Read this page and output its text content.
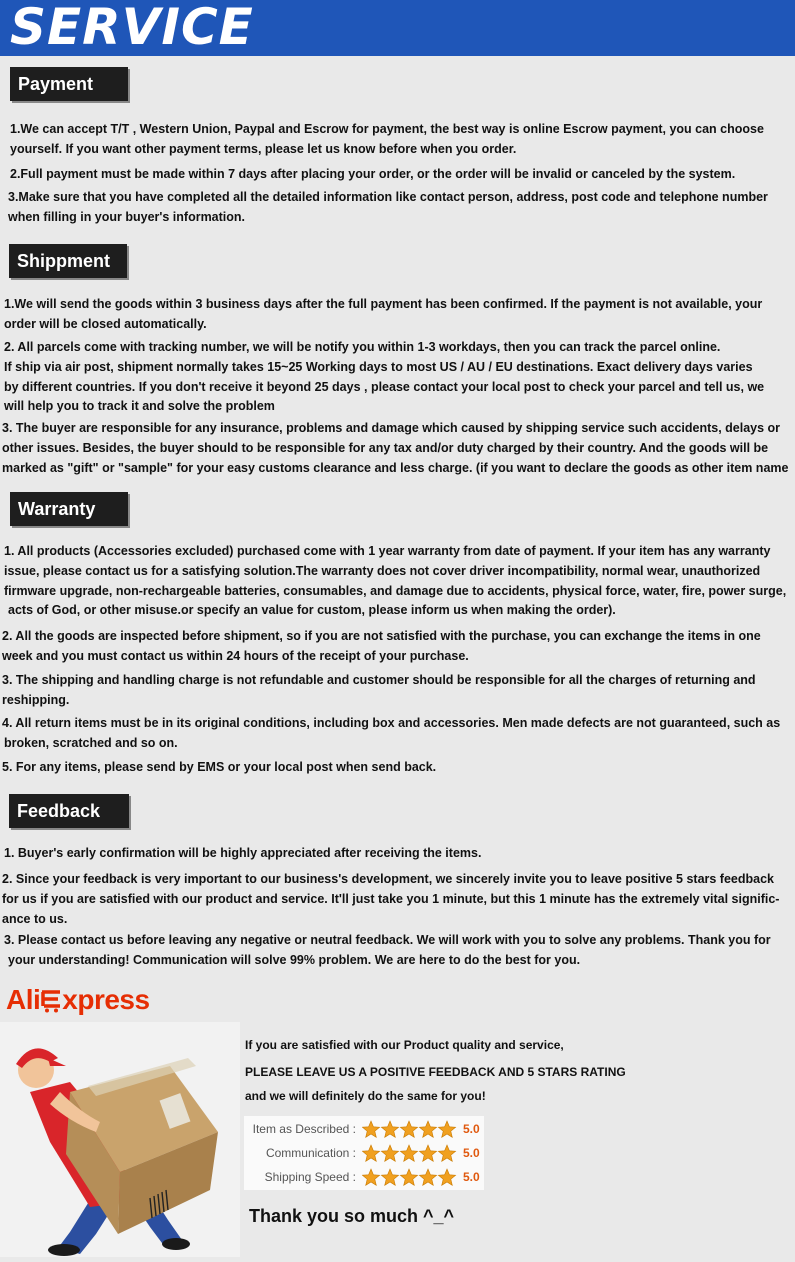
SERVICE
Payment
1.We can accept T/T , Western Union, Paypal and Escrow for payment, the best way is online Escrow payment, you can choose
yourself. If you want other payment terms, please let us know before when you order.
2.Full payment must be made within 7 days after placing your order, or the order will be invalid or canceled by the system.
3.Make sure that you have completed all the detailed information like contact person, address, post code and telephone number
when filling in your buyer's information.
Shippment
1.We will send the goods within 3 business days after the full payment has been confirmed. If the payment is not available, your
order will be closed automatically.
2. All parcels come with tracking number, we will be notify you within 1-3 workdays, then you can track the parcel online.
If ship via air post, shipment normally takes 15~25 Working days to most US / AU / EU destinations. Exact delivery days varies
by different countries. If you don't receive it beyond 25 days , please contact your local post to check your parcel and tell us, we
will help you to track it and solve the problem
3. The buyer are responsible for any insurance, problems and damage which caused by shipping service such accidents, delays or
other issues. Besides, the buyer should to be responsible for any tax and/or duty charged by their country. And the goods will be
marked as "gift" or "sample" for your easy customs clearance and less charge. (if you want to declare the goods as other item name
Warranty
1. All products (Accessories excluded) purchased come with 1 year warranty from date of payment. If your item has any warranty
issue, please contact us for a satisfying solution.The warranty does not cover driver incompatibility, normal wear, unauthorized
firmware upgrade, non-rechargeable batteries, consumables, and damage due to accidents, physical force, water, fire, power surge,
acts of God, or other misuse.or specify an value for custom, please inform us when making the order).
2. All the goods are inspected before shipment, so if you are not satisfied with the purchase, you can exchange the items in one
week and you must contact us within 24 hours of the receipt of your purchase.
3. The shipping and handling charge is not refundable and customer should be responsible for all the charges of returning and
reshipping.
4. All return items must be in its original conditions, including box and accessories. Men made defects are not guaranteed, such as
broken, scratched and so on.
5. For any items, please send by EMS or your local post when send back.
Feedback
1. Buyer's early confirmation will be highly appreciated after receiving the items.
2. Since your feedback is very important to our business's development, we sincerely invite you to leave positive 5 stars feedback
for us if you are satisfied with our product and service. It'll just take you 1 minute, but this 1 minute has the extremely vital signific-
ance to us.
3. Please contact us before leaving any negative or neutral feedback. We will work with you to solve any problems. Thank you for
your understanding! Communication will solve 99% problem. We are here to do the best for you.
Ali xpress
If you are satisfied with our Product quality and service,
PLEASE LEAVE US A POSITIVE FEEDBACK AND 5 STARS RATING
and we will definitely do the same for you!
Item as Described :	5.0
Communication :	5.0
Shipping Speed :	5.0
Thank you so much ^_^
